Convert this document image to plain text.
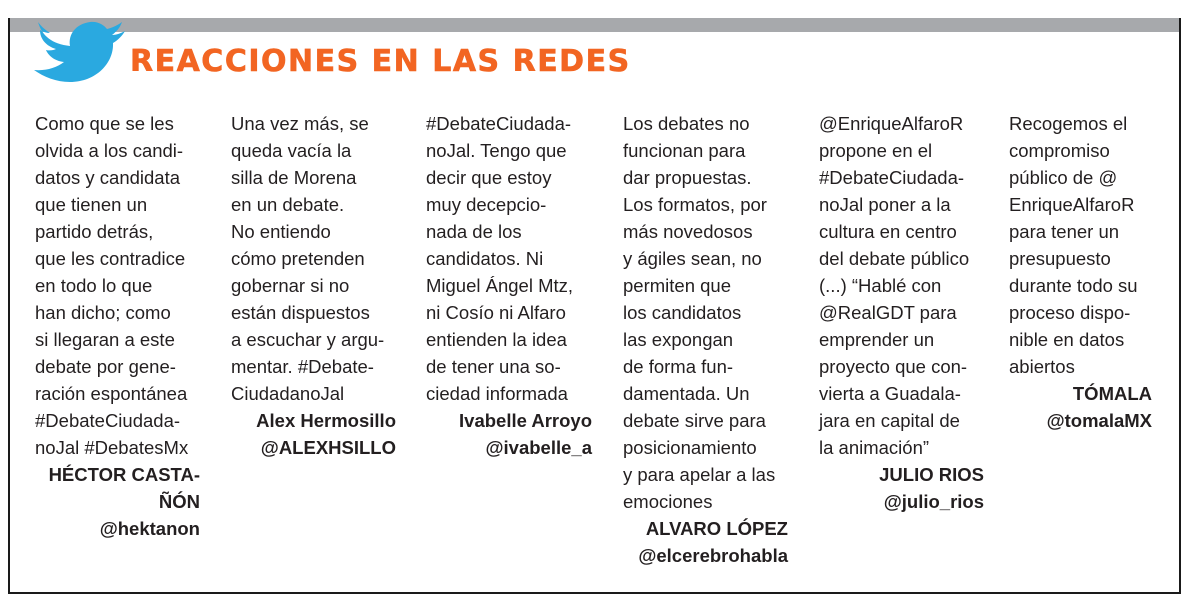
REACCIONES EN LAS REDES

Como que se les
olvida a los candi-
datos y candidata
que tienen un
partido detrás,
que les contradice
en todo lo que
han dicho; como
si llegaran a este
debate por gene-
ración espontánea
#DebateCiudada-
noJal #DebatesMx

HÉCTOR CASTA-
ÑÓN
@hektanon

Una vez más, se
queda vacía la
silla de Morena
en un debate.
No entiendo
cómo pretenden
gobernar si no
están dispuestos
a escuchar y argu-
mentar. #Debate-
CiudadanoJal

Alex Hermosillo
@ALEXHSILLO

#DebateCiudada-
noJal. Tengo que
decir que estoy
muy decepcio-
nada de los
candidatos. Ni
Miguel Ángel Mtz,
ni Cosío ni Alfaro
entienden la idea
de tener una so-
ciedad informada

Ivabelle Arroyo
@ivabelle_a

Los debates no
funcionan para
dar propuestas.
Los formatos, por
más novedosos
y ágiles sean, no
permiten que
los candidatos
las expongan
de forma fun-
damentada. Un
debate sirve para
posicionamiento
y para apelar a las
emociones

ALVARO LÓPEZ
@elcerebrohabla

@EnriqueAlfaroR
propone en el
#DebateCiudada-
noJal poner a la
cultura en centro
del debate público
(...) “Hablé con
@RealGDT para
emprender un
proyecto que con-
vierta a Guadala-
jara en capital de
la animación”

JULIO RIOS
@julio_rios

Recogemos el
compromiso
público de @
EnriqueAlfaroR
para tener un
presupuesto
durante todo su
proceso dispo-
nible en datos
abiertos

TÓMALA
@tomalaMX
